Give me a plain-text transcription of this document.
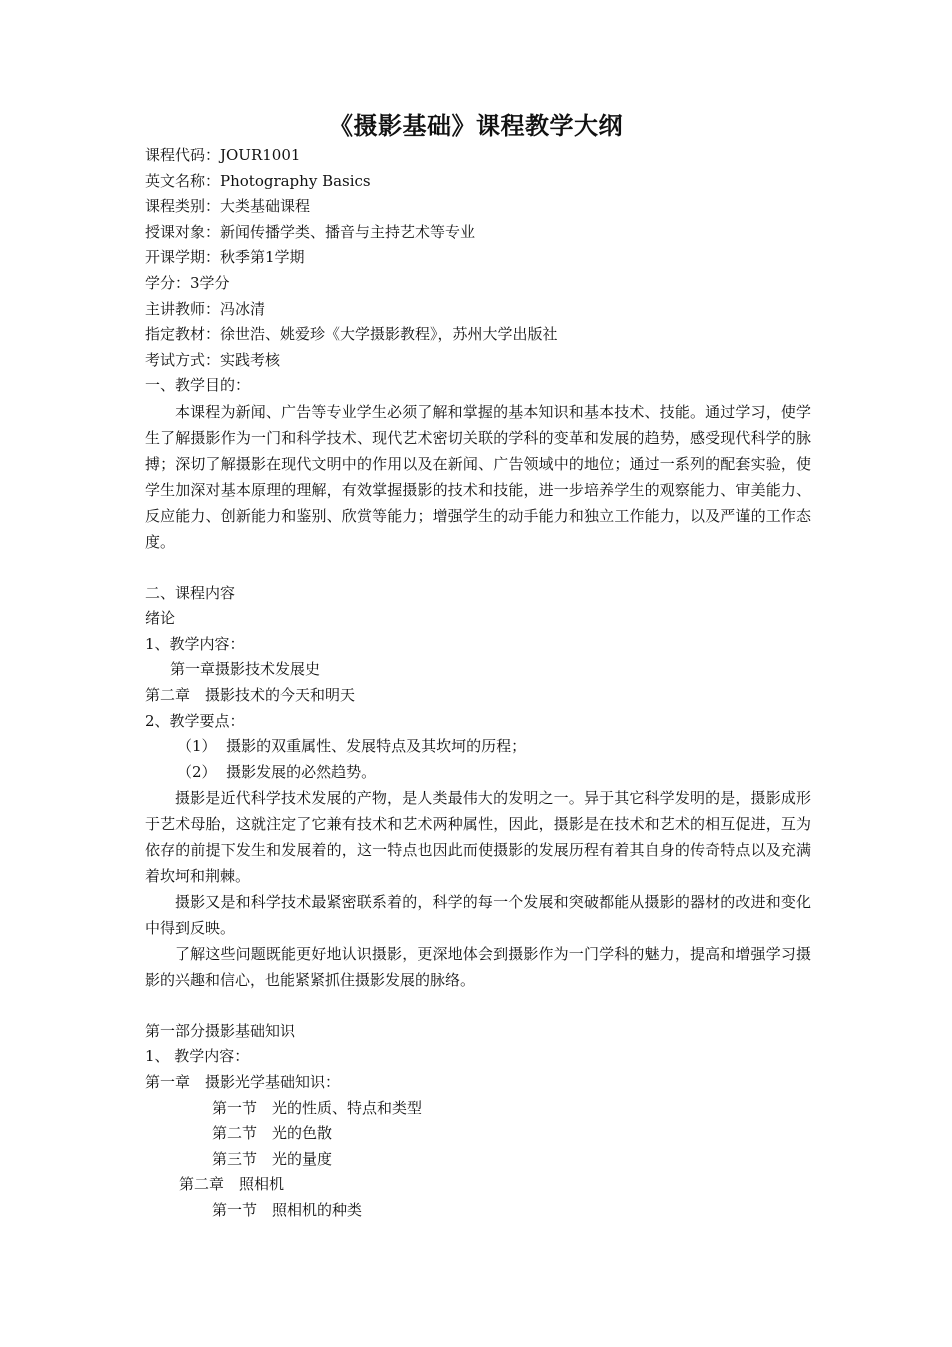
《摄影基础》课程教学大纲
课程代码：JOUR1001
英文名称：Photography Basics
课程类别：大类基础课程
授课对象：新闻传播学类、播音与主持艺术等专业
开课学期：秋季第1学期
学分：3学分
主讲教师：冯冰清
指定教材：徐世浩、姚爱珍《大学摄影教程》，苏州大学出版社
考试方式：实践考核
一、教学目的：
本课程为新闻、广告等专业学生必须了解和掌握的基本知识和基本技术、技能。通过学习，使学生了解摄影作为一门和科学技术、现代艺术密切关联的学科的变革和发展的趋势，感受现代科学的脉搏；深切了解摄影在现代文明中的作用以及在新闻、广告领域中的地位；通过一系列的配套实验，使学生加深对基本原理的理解，有效掌握摄影的技术和技能，进一步培养学生的观察能力、审美能力、反应能力、创新能力和鉴别、欣赏等能力；增强学生的动手能力和独立工作能力，以及严谨的工作态度。
二、课程内容
绪论
1、教学内容：
第一章摄影技术发展史
第二章　摄影技术的今天和明天
2、教学要点：
（1）  摄影的双重属性、发展特点及其坎坷的历程；
（2）  摄影发展的必然趋势。
摄影是近代科学技术发展的产物，是人类最伟大的发明之一。异于其它科学发明的是，摄影成形于艺术母胎，这就注定了它兼有技术和艺术两种属性，因此，摄影是在技术和艺术的相互促进，互为依存的前提下发生和发展着的，这一特点也因此而使摄影的发展历程有着其自身的传奇特点以及充满着坎坷和荆棘。
摄影又是和科学技术最紧密联系着的，科学的每一个发展和突破都能从摄影的器材的改进和变化中得到反映。
了解这些问题既能更好地认识摄影，更深地体会到摄影作为一门学科的魅力，提高和增强学习摄影的兴趣和信心，也能紧紧抓住摄影发展的脉络。
第一部分摄影基础知识
1、 教学内容：
第一章　摄影光学基础知识：
第一节　光的性质、特点和类型
第二节　光的色散
第三节　光的量度
第二章　照相机
第一节　照相机的种类
